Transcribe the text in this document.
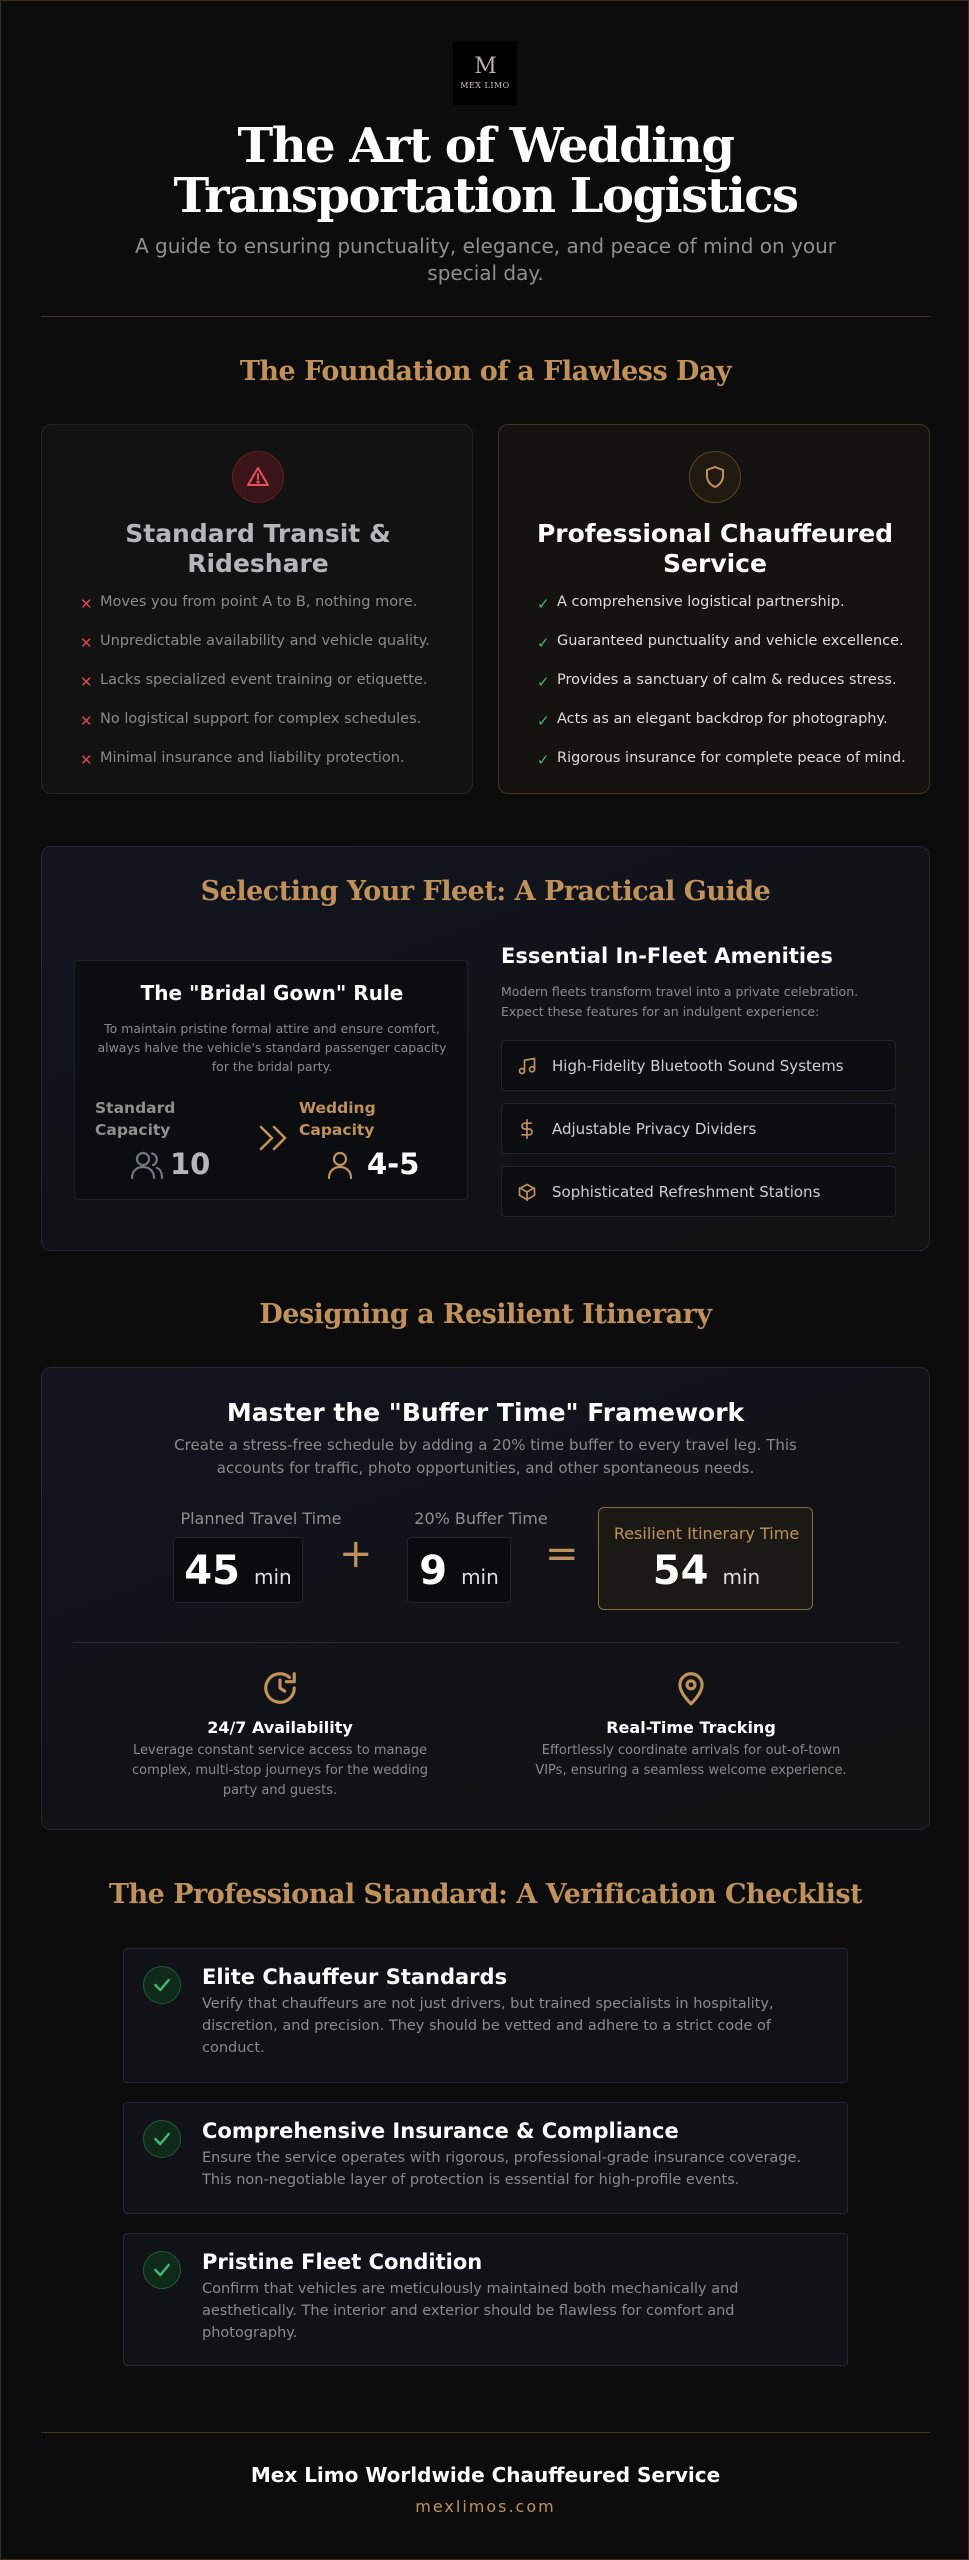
M
MEX LIMO
The Art of Wedding Transportation Logistics

A guide to ensuring punctuality, elegance, and peace of mind on your special day.

The Foundation of a Flawless Day
Standard Transit & Rideshare
✕ Moves you from point A to B, nothing more.
✕ Unpredictable availability and vehicle quality.
✕ Lacks specialized event training or etiquette.
✕ No logistical support for complex schedules.
✕ Minimal insurance and liability protection.
Professional Chauffeured Service
✓ A comprehensive logistical partnership.
✓ Guaranteed punctuality and vehicle excellence.
✓ Provides a sanctuary of calm & reduces stress.
✓ Acts as an elegant backdrop for photography.
✓ Rigorous insurance for complete peace of mind.
Selecting Your Fleet: A Practical Guide
The "Bridal Gown" Rule

To maintain pristine formal attire and ensure comfort, always halve the vehicle's standard passenger capacity for the bridal party.

Standard Capacity
10
Wedding Capacity
4-5
Essential In-Fleet Amenities

Modern fleets transform travel into a private celebration. Expect these features for an indulgent experience:

High-Fidelity Bluetooth Sound Systems
Adjustable Privacy Dividers
Sophisticated Refreshment Stations
Designing a Resilient Itinerary
Master the "Buffer Time" Framework

Create a stress-free schedule by adding a 20% time buffer to every travel leg. This accounts for traffic, photo opportunities, and other spontaneous needs.

Planned Travel Time
45 min +
20% Buffer Time
9 min =	Resilient Itinerary Time
54 min
24/7 Availability
Leverage constant service access to manage complex, multi-stop journeys for the wedding party and guests.
Real-Time Tracking
Effortlessly coordinate arrivals for out-of-town VIPs, ensuring a seamless welcome experience.
The Professional Standard: A Verification Checklist
Elite Chauffeur Standards

Verify that chauffeurs are not just drivers, but trained specialists in hospitality, discretion, and precision. They should be vetted and adhere to a strict code of conduct.

Comprehensive Insurance & Compliance

Ensure the service operates with rigorous, professional-grade insurance coverage. This non-negotiable layer of protection is essential for high-profile events.

Pristine Fleet Condition

Confirm that vehicles are meticulously maintained both mechanically and aesthetically. The interior and exterior should be flawless for comfort and photography.

Mex Limo Worldwide Chauffeured Service
mexlimos.com
